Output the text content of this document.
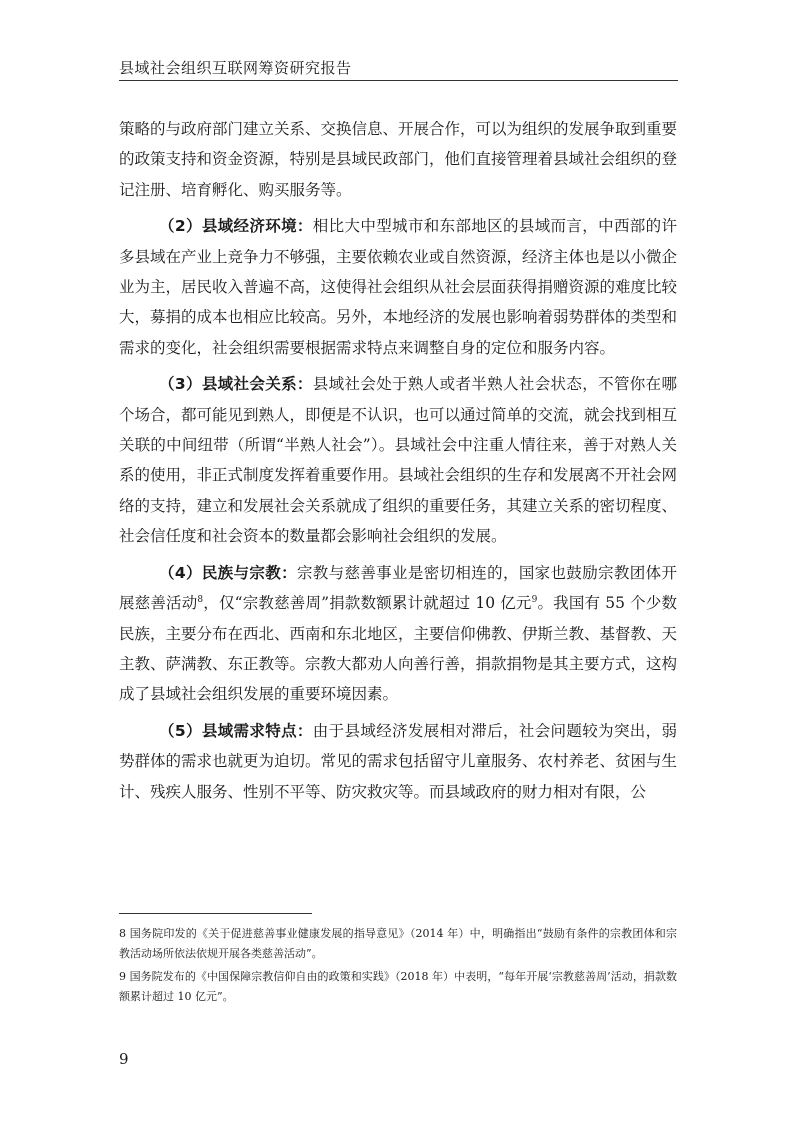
县域社会组织互联网筹资研究报告

策略的与政府部门建立关系、交换信息、开展合作，可以为组织的发展争取到重要的政策支持和资金资源，特别是县域民政部门，他们直接管理着县域社会组织的登记注册、培育孵化、购买服务等。

（2）县域经济环境：相比大中型城市和东部地区的县域而言，中西部的许多县域在产业上竞争力不够强，主要依赖农业或自然资源，经济主体也是以小微企业为主，居民收入普遍不高，这使得社会组织从社会层面获得捐赠资源的难度比较大，募捐的成本也相应比较高。另外，本地经济的发展也影响着弱势群体的类型和需求的变化，社会组织需要根据需求特点来调整自身的定位和服务内容。

（3）县域社会关系：县域社会处于熟人或者半熟人社会状态，不管你在哪个场合，都可能见到熟人，即便是不认识，也可以通过简单的交流，就会找到相互关联的中间纽带（所谓“半熟人社会”）。县域社会中注重人情往来，善于对熟人关系的使用，非正式制度发挥着重要作用。县域社会组织的生存和发展离不开社会网络的支持，建立和发展社会关系就成了组织的重要任务，其建立关系的密切程度、社会信任度和社会资本的数量都会影响社会组织的发展。

（4）民族与宗教：宗教与慈善事业是密切相连的，国家也鼓励宗教团体开展慈善活动$^8$，仅“宗教慈善周”捐款数额累计就超过 10 亿元$^9$。我国有 55 个少数民族，主要分布在西北、西南和东北地区，主要信仰佛教、伊斯兰教、基督教、天主教、萨满教、东正教等。宗教大都劝人向善行善，捐款捐物是其主要方式，这构成了县域社会组织发展的重要环境因素。

（5）县域需求特点：由于县域经济发展相对滞后，社会问题较为突出，弱势群体的需求也就更为迫切。常见的需求包括留守儿童服务、农村养老、贫困与生计、残疾人服务、性别不平等、防灾救灾等。而县域政府的财力相对有限，公

8 国务院印发的《关于促进慈善事业健康发展的指导意见》（2014 年）中，明确指出“鼓励有条件的宗教团体和宗教活动场所依法依规开展各类慈善活动”。

9 国务院发布的《中国保障宗教信仰自由的政策和实践》（2018 年）中表明，“每年开展‘宗教慈善周’活动，捐款数额累计超过 10 亿元”。

9
